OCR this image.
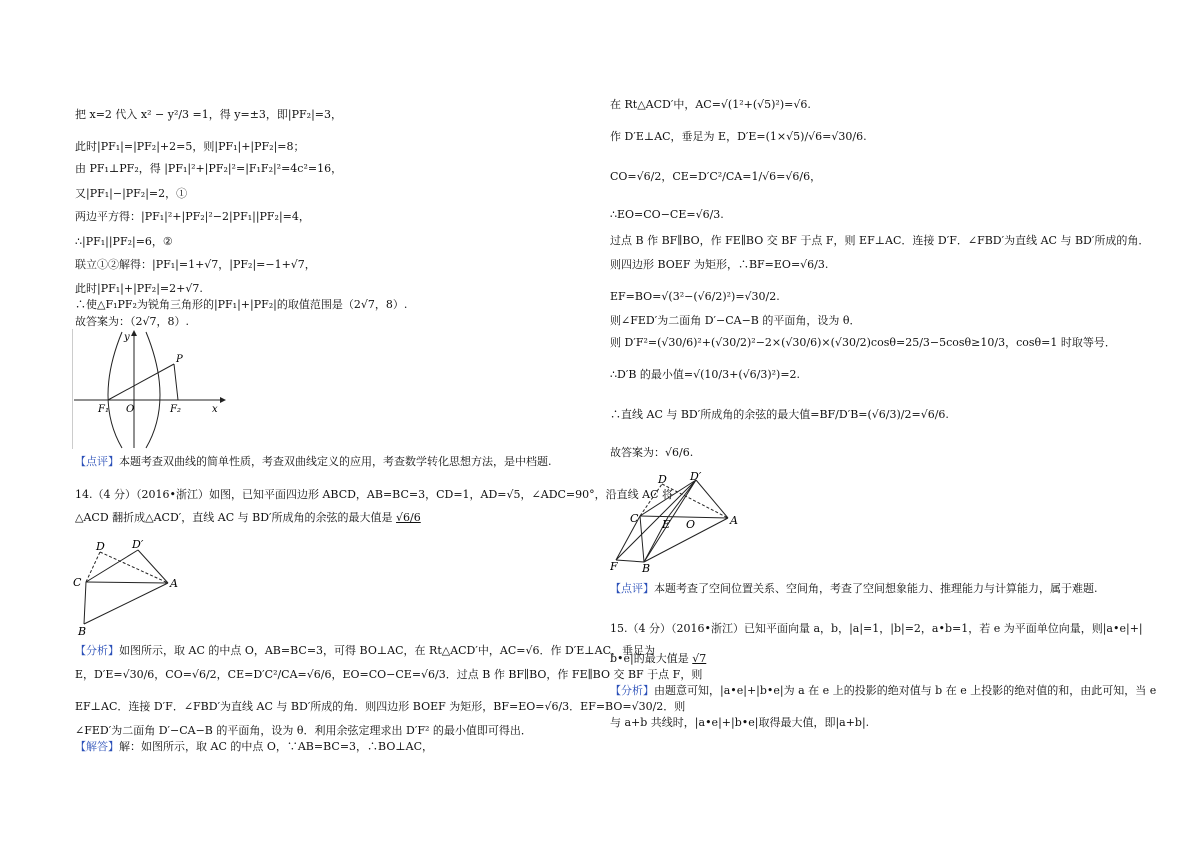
把 x=2 代入 x² − y²/3 =1，得 y=±3，即|PF₂|=3，
此时|PF₁|=|PF₂|+2=5，则|PF₁|+|PF₂|=8；
由 PF₁⊥PF₂，得 |PF₁|²+|PF₂|²=|F₁F₂|²=4c²=16，
又|PF₁|−|PF₂|=2，①
两边平方得：|PF₁|²+|PF₂|²−2|PF₁||PF₂|=4，
∴|PF₁||PF₂|=6，②
联立①②解得：|PF₁|=1+√7，|PF₂|=−1+√7，
此时|PF₁|+|PF₂|=2+√7.
∴使△F₁PF₂为锐角三角形的|PF₁|+|PF₂|的取值范围是（2√7，8）.
故答案为：（2√7，8）.
y
x
P
F₁ O	F₂
【点评】本题考查双曲线的简单性质，考查双曲线定义的应用，考查数学转化思想方法，是中档题.
14.（4 分）（2016•浙江）如图，已知平面四边形 ABCD，AB=BC=3，CD=1，AD=√5，∠ADC=90°，沿直线 AC 将
△ACD 翻折成△ACD′，直线 AC 与 BD′所成角的余弦的最大值是 √6/6
D D′
C	A
B
【分析】如图所示，取 AC 的中点 O，AB=BC=3，可得 BO⊥AC，在 Rt△ACD′中，AC=√6．作 D′E⊥AC，垂足为
E，D′E=√30/6，CO=√6/2，CE=D′C²/CA=√6/6，EO=CO−CE=√6/3．过点 B 作 BF∥BO，作 FE∥BO 交 BF 于点 F，则
EF⊥AC．连接 D′F．∠FBD′为直线 AC 与 BD′所成的角．则四边形 BOEF 为矩形，BF=EO=√6/3．EF=BO=√30/2．则
∠FED′为二面角 D′−CA−B 的平面角，设为 θ．利用余弦定理求出 D′F² 的最小值即可得出．
【解答】解：如图所示，取 AC 的中点 O，∵AB=BC=3，∴BO⊥AC，
在 Rt△ACD′中，AC=√(1²+(√5)²)=√6.
作 D′E⊥AC，垂足为 E，D′E=(1×√5)/√6=√30/6.
CO=√6/2，CE=D′C²/CA=1/√6=√6/6，
∴EO=CO−CE=√6/3.
过点 B 作 BF∥BO，作 FE∥BO 交 BF 于点 F，则 EF⊥AC．连接 D′F．∠FBD′为直线 AC 与 BD′所成的角．
则四边形 BOEF 为矩形，∴BF=EO=√6/3.
EF=BO=√(3²−(√6/2)²)=√30/2.
则∠FED′为二面角 D′−CA−B 的平面角，设为 θ．
则 D′F²=(√30/6)²+(√30/2)²−2×(√30/6)×(√30/2)cosθ=25/3−5cosθ≥10/3，cosθ=1 时取等号．
∴D′B 的最小值=√(10/3+(√6/3)²)=2.
∴直线 AC 与 BD′所成角的余弦的最大值=BF/D′B=(√6/3)/2=√6/6.
故答案为：√6/6.
D D′
C E O	A
F B
【点评】本题考查了空间位置关系、空间角，考查了空间想象能力、推理能力与计算能力，属于难题.
15.（4 分）（2016•浙江）已知平面向量 a，b，|a|=1，|b|=2，a•b=1，若 e 为平面单位向量，则|a•e|+|
b•e|的最大值是 √7
【分析】由题意可知，|a•e|+|b•e|为 a 在 e 上的投影的绝对值与 b 在 e 上投影的绝对值的和，由此可知，当 e
与 a+b 共线时，|a•e|+|b•e|取得最大值，即|a+b|.
